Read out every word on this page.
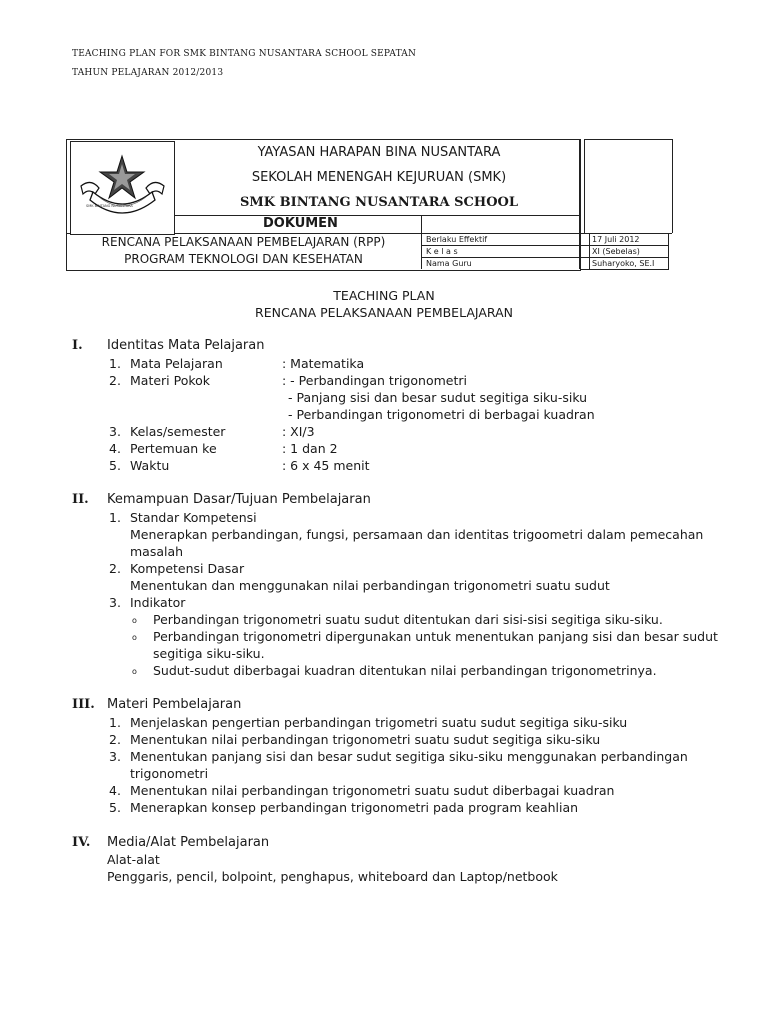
TEACHING PLAN FOR SMK BINTANG NUSANTARA SCHOOL SEPATAN
TAHUN PELAJARAN 2012/2013
SMK BINTANG NUSANTARA
YAYASAN HARAPAN BINA NUSANTARA
SEKOLAH MENENGAH KEJURUAN (SMK)
SMK BINTANG NUSANTARA SCHOOL
DOKUMEN
RENCANA PELAKSANAAN PEMBELAJARAN (RPP)
PROGRAM TEKNOLOGI DAN KESEHATAN
Berlaku Effektif	17 Juli 2012
K e l a s	XI (Sebelas)
Nama Guru	Suharyoko, SE.I
TEACHING PLAN
RENCANA PELAKSANAAN PEMBELAJARAN
I. Identitas Mata Pelajaran
1. Mata Pelajaran	: Matematika
2. Materi Pokok	: - Perbandingan trigonometri
- Panjang sisi dan besar sudut segitiga siku-siku
- Perbandingan trigonometri di berbagai kuadran
3. Kelas/semester	: XI/3
4. Pertemuan ke	: 1 dan 2
5. Waktu	: 6 x 45 menit
II. Kemampuan Dasar/Tujuan Pembelajaran
1. Standar Kompetensi
Menerapkan perbandingan, fungsi, persamaan dan identitas trigoometri dalam pemecahan
masalah
2. Kompetensi Dasar
Menentukan dan menggunakan nilai perbandingan trigonometri suatu sudut
3. Indikator
o Perbandingan trigonometri suatu sudut ditentukan dari sisi-sisi segitiga siku-siku.
o Perbandingan trigonometri dipergunakan untuk menentukan panjang sisi dan besar sudut
segitiga siku-siku.
o Sudut-sudut diberbagai kuadran ditentukan nilai perbandingan trigonometrinya.
III. Materi Pembelajaran
1. Menjelaskan pengertian perbandingan trigometri suatu sudut segitiga siku-siku
2. Menentukan nilai perbandingan trigonometri suatu sudut segitiga siku-siku
3. Menentukan panjang sisi dan besar sudut segitiga siku-siku menggunakan perbandingan
trigonometri
4. Menentukan nilai perbandingan trigonometri suatu sudut diberbagai kuadran
5. Menerapkan konsep perbandingan trigonometri pada program keahlian
IV. Media/Alat Pembelajaran
Alat-alat
Penggaris, pencil, bolpoint, penghapus, whiteboard dan Laptop/netbook
